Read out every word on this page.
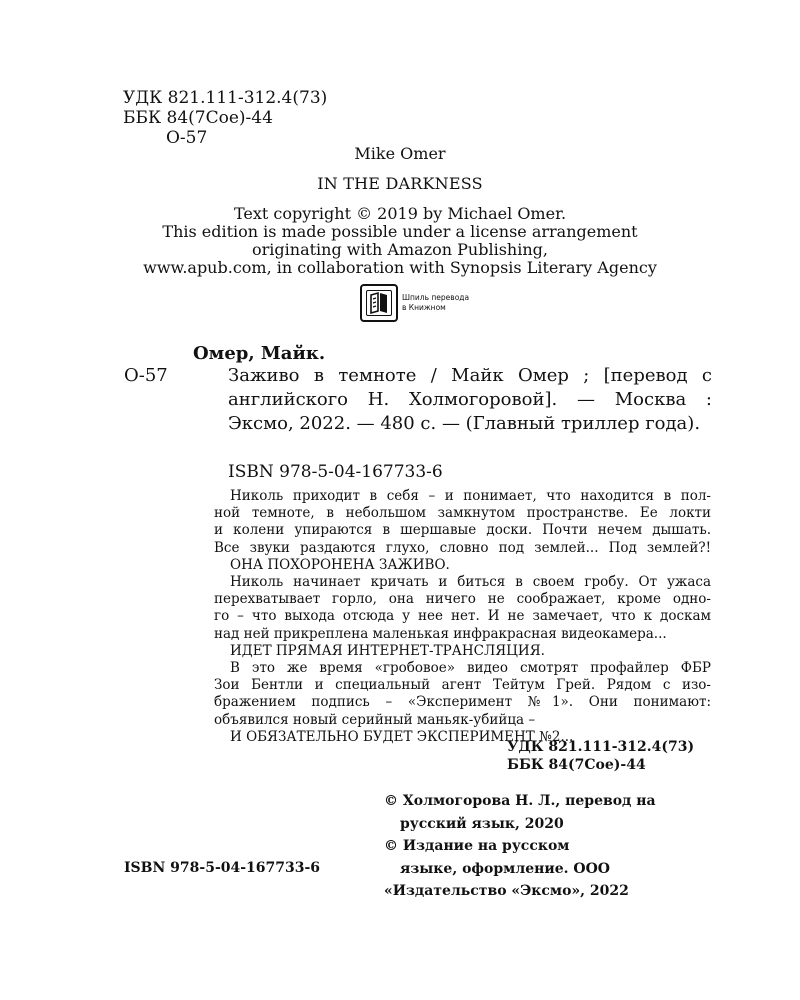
УДК 821.111-312.4(73)
ББК 84(7Сое)-44
О-57
Mike Omer
IN THE DARKNESS
Text copyright © 2019 by Michael Omer.
This edition is made possible under a license arrangement
originating with Amazon Publishing,
www.apub.com, in collaboration with Synopsis Literary Agency
Шпиль перевода
в Книжном
Омер, Майк.
О-57	Заживо в темноте / Майк Омер ; [перевод с английского Н. Холмогоровой]. — Москва : Эксмо, 2022. — 480 с. — (Главный триллер года).
ISBN 978-5-04-167733-6
Николь приходит в себя – и понимает, что находится в пол-
ной темноте, в небольшом замкнутом пространстве. Ее локти
и колени упираются в шершавые доски. Почти нечем дышать.
Все звуки раздаются глухо, словно под землей... Под землей?!
ОНА ПОХОРОНЕНА ЗАЖИВО.
Николь начинает кричать и биться в своем гробу. От ужаса
перехватывает горло, она ничего не соображает, кроме одно-
го – что выхода отсюда у нее нет. И не замечает, что к доскам
над ней прикреплена маленькая инфракрасная видеокамера...
ИДЕТ ПРЯМАЯ ИНТЕРНЕТ-ТРАНСЛЯЦИЯ.
В это же время «гробовое» видео смотрят профайлер ФБР
Зои Бентли и специальный агент Тейтум Грей. Рядом с изо-
бражением подпись – «Эксперимент №1». Они понимают:
объявился новый серийный маньяк-убийца –
И ОБЯЗАТЕЛЬНО БУДЕТ ЭКСПЕРИМЕНТ №2...
УДК 821.111-312.4(73)
ББК 84(7Сое)-44
© Холмогорова Н. Л., перевод на
русский язык, 2020
© Издание на русском
языке, оформление. ООО
«Издательство «Эксмо», 2022
ISBN 978-5-04-167733-6
